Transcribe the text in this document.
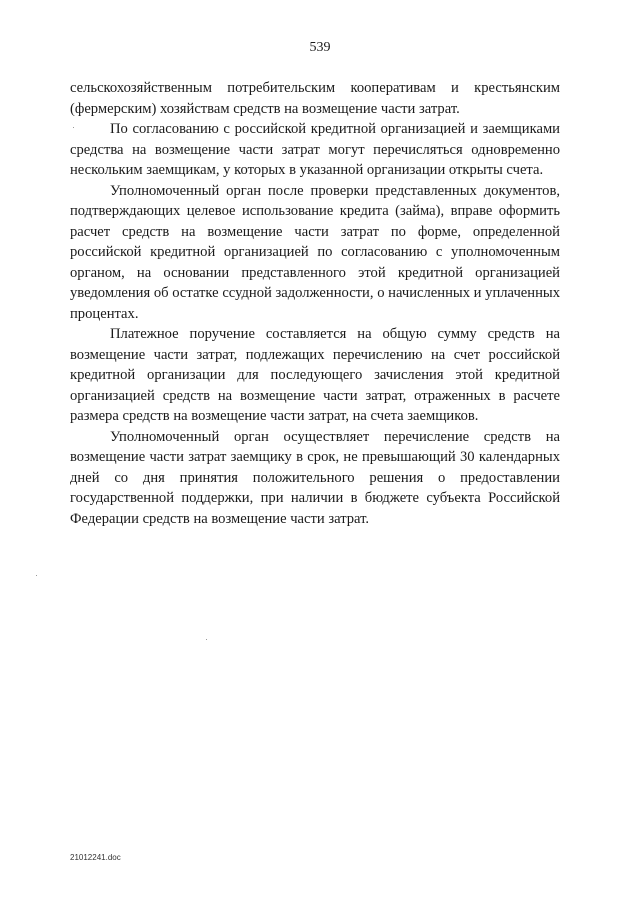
539

сельскохозяйственным потребительским кооперативам и крестьянским (фермерским) хозяйствам средств на возмещение части затрат.

По согласованию с российской кредитной организацией и заемщиками средства на возмещение части затрат могут перечисляться одновременно нескольким заемщикам, у которых в указанной организации открыты счета.

Уполномоченный орган после проверки представленных документов, подтверждающих целевое использование кредита (займа), вправе оформить расчет средств на возмещение части затрат по форме, определенной российской кредитной организацией по согласованию с уполномоченным органом, на основании представленного этой кредитной организацией уведомления об остатке ссудной задолженности, о начисленных и уплаченных процентах.

Платежное поручение составляется на общую сумму средств на возмещение части затрат, подлежащих перечислению на счет российской кредитной организации для последующего зачисления этой кредитной организацией средств на возмещение части затрат, отраженных в расчете размера средств на возмещение части затрат, на счета заемщиков.

Уполномоченный орган осуществляет перечисление средств на возмещение части затрат заемщику в срок, не превышающий 30 календарных дней со дня принятия положительного решения о предоставлении государственной поддержки, при наличии в бюджете субъекта Российской Федерации средств на возмещение части затрат.

21012241.doc
